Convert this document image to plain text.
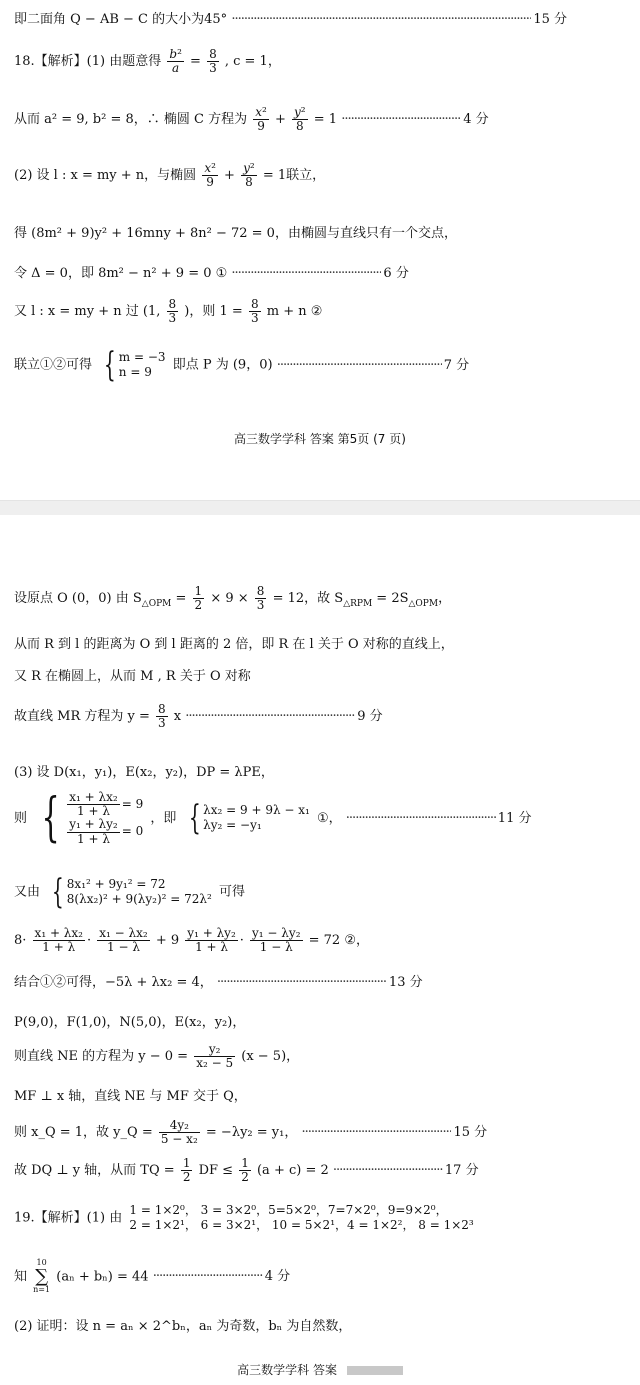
即二面角 Q − AB − C 的大小为45° .....	15 分
18.【解析】(1) 由题意得 $\frac{\text{b²}}{a} = \frac{8}{3}$ , c = 1，
从而 a² = 9, b² = 8，∴ 椭圆 C 方程为 $\frac{\text{x²}}{9} + \frac{\text{y²}}{8} = 1$ .....	4 分
(2) 设 l : x = my + n，与椭圆 $\frac{\text{x²}}{9} + \frac{\text{y²}}{8} = 1$联立，
得 (8m² + 9)y² + 16mny + 8n² − 72 = 0，由椭圆与直线只有一个交点，
令 Δ = 0，即 8m² − n² + 9 = 0 ① .....	6 分
又 l : x = my + n 过 (1, $\frac{8}{3}$ )，则 $1 = \frac{8}{3}$ m + n ②
联立①②可得 { m = −3
n = 9	即点 P 为 (9，0) .....	7 分
高三数学学科 答案 第5页 (7 页)
设原点 O (0，0) 由 $S_{\triangle OPM} = \frac{1}{2} \times 9 \times \frac{8}{3} = 12$，故 $S_{\triangle RPM} = 2S_{\triangle OPM}$，
从而 R 到 l 的距离为 O 到 l 距离的 2 倍，即 R 在 l 关于 O 对称的直线上，
又 R 在椭圆上，从而 M , R 关于 O 对称
故直线 MR 方程为 $y = \frac{8}{3}$ x .....	9 分
(3) 设 D(x₁，y₁)，E(x₂，y₂)，DP = λPE，
则 { $\frac{\text{x₁ + λx₂}}{1 + \lambda} = 9$
$\frac{\text{y₁ + λy₂}}{1 + \lambda} = 0$
，即 { λx₂ = 9 + 9λ − x₁
λy₂ = −y₁	①， .....	11 分
又由 { 8x₁² + 9y₁² = 72
8(λx₂)² + 9(λy₂)² = 72λ² 可得
$8\cdot \frac{\text{x₁ + λx₂}}{1 + \lambda} \cdot \frac{\text{x₁ − λx₂}}{1 - \lambda} + 9 \frac{\text{y₁ + λy₂}}{1 + \lambda} \cdot \frac{\text{y₁ − λy₂}}{1 - \lambda} = 72$ ②，
结合①②可得，−5λ + λx₂ = 4， .....	13 分
P(9,0)，F(1,0)，N(5,0)，E(x₂，y₂)，
则直线 NE 的方程为 $y - 0 = \frac{\text{y₂}}{\text{x₂ − 5}} (x - 5)$，
MF ⊥ x 轴，直线 NE 与 MF 交于 Q，
则 x_Q = 1，故 y_Q = $\frac{\text{4y₂}}{\text{5 − x₂}} = -\lambda y_2 = y_1$， .....	15 分
故 DQ ⊥ y 轴，从而 TQ = $\frac{1}{2}$ DF ≤ $\frac{1}{2} (a + c) = 2$ .....	17 分
19.【解析】(1) 由
1 = 1×2⁰， 3 = 3×2⁰，5=5×2⁰，7=7×2⁰，9=9×2⁰，
2 = 1×2¹， 6 = 3×2¹， 10 = 5×2¹，4 = 1×2²， 8 = 1×2³
知
10
∑
n=1
(aₙ + bₙ) = 44 .....	4 分
(2) 证明：设 n = aₙ × 2^bₙ，aₙ 为奇数，bₙ 为自然数，
高三数学学科 答案
